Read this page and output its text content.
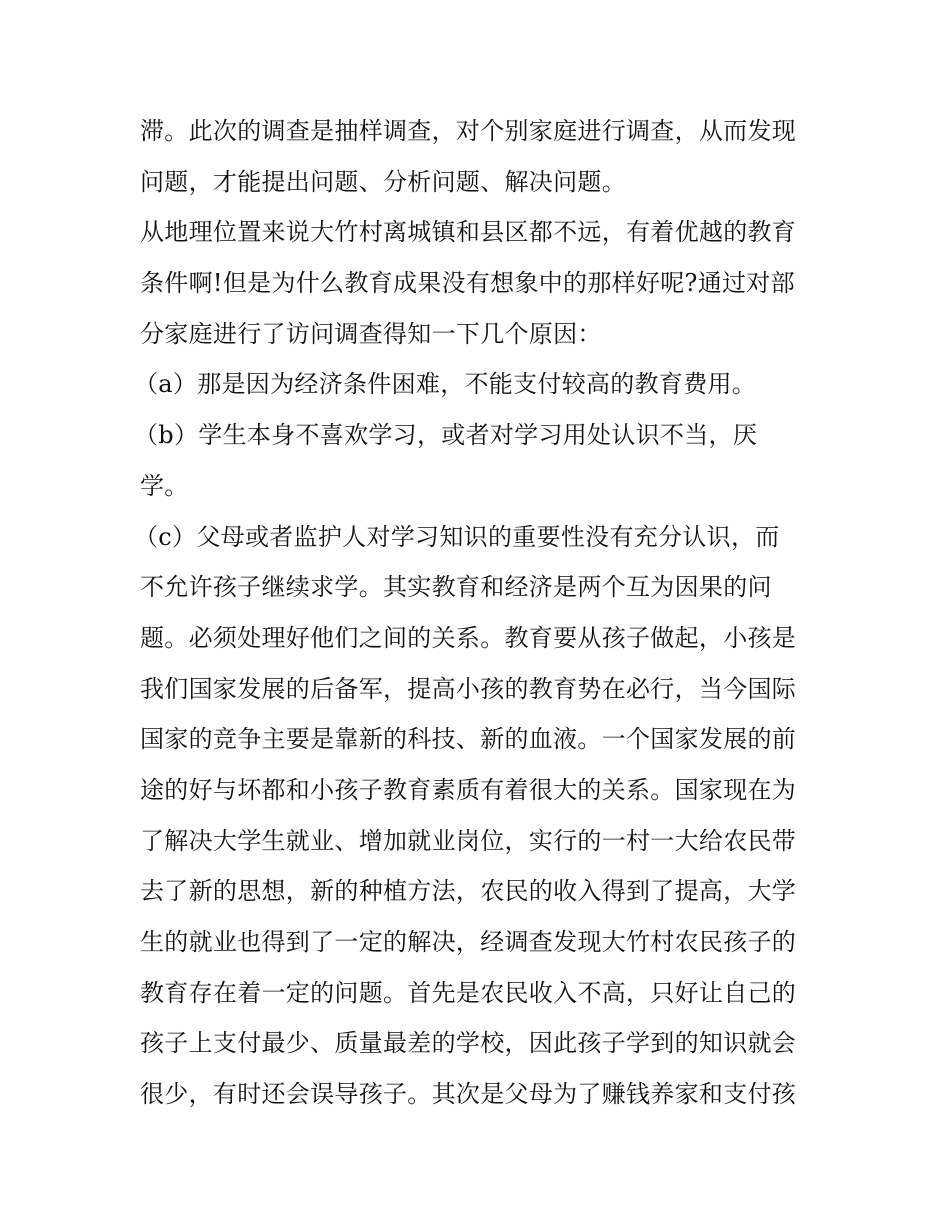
滞。此次的调查是抽样调查，对个别家庭进行调查，从而发现
问题，才能提出问题、分析问题、解决问题。
从地理位置来说大竹村离城镇和县区都不远，有着优越的教育
条件啊!但是为什么教育成果没有想象中的那样好呢?通过对部
分家庭进行了访问调查得知一下几个原因：
（a）那是因为经济条件困难，不能支付较高的教育费用。
（b）学生本身不喜欢学习，或者对学习用处认识不当，厌
学。
（c）父母或者监护人对学习知识的重要性没有充分认识，而
不允许孩子继续求学。其实教育和经济是两个互为因果的问
题。必须处理好他们之间的关系。教育要从孩子做起，小孩是
我们国家发展的后备军，提高小孩的教育势在必行，当今国际
国家的竞争主要是靠新的科技、新的血液。一个国家发展的前
途的好与坏都和小孩子教育素质有着很大的关系。国家现在为
了解决大学生就业、增加就业岗位，实行的一村一大给农民带
去了新的思想，新的种植方法，农民的收入得到了提高，大学
生的就业也得到了一定的解决，经调查发现大竹村农民孩子的
教育存在着一定的问题。首先是农民收入不高，只好让自己的
孩子上支付最少、质量最差的学校，因此孩子学到的知识就会
很少，有时还会误导孩子。其次是父母为了赚钱养家和支付孩
